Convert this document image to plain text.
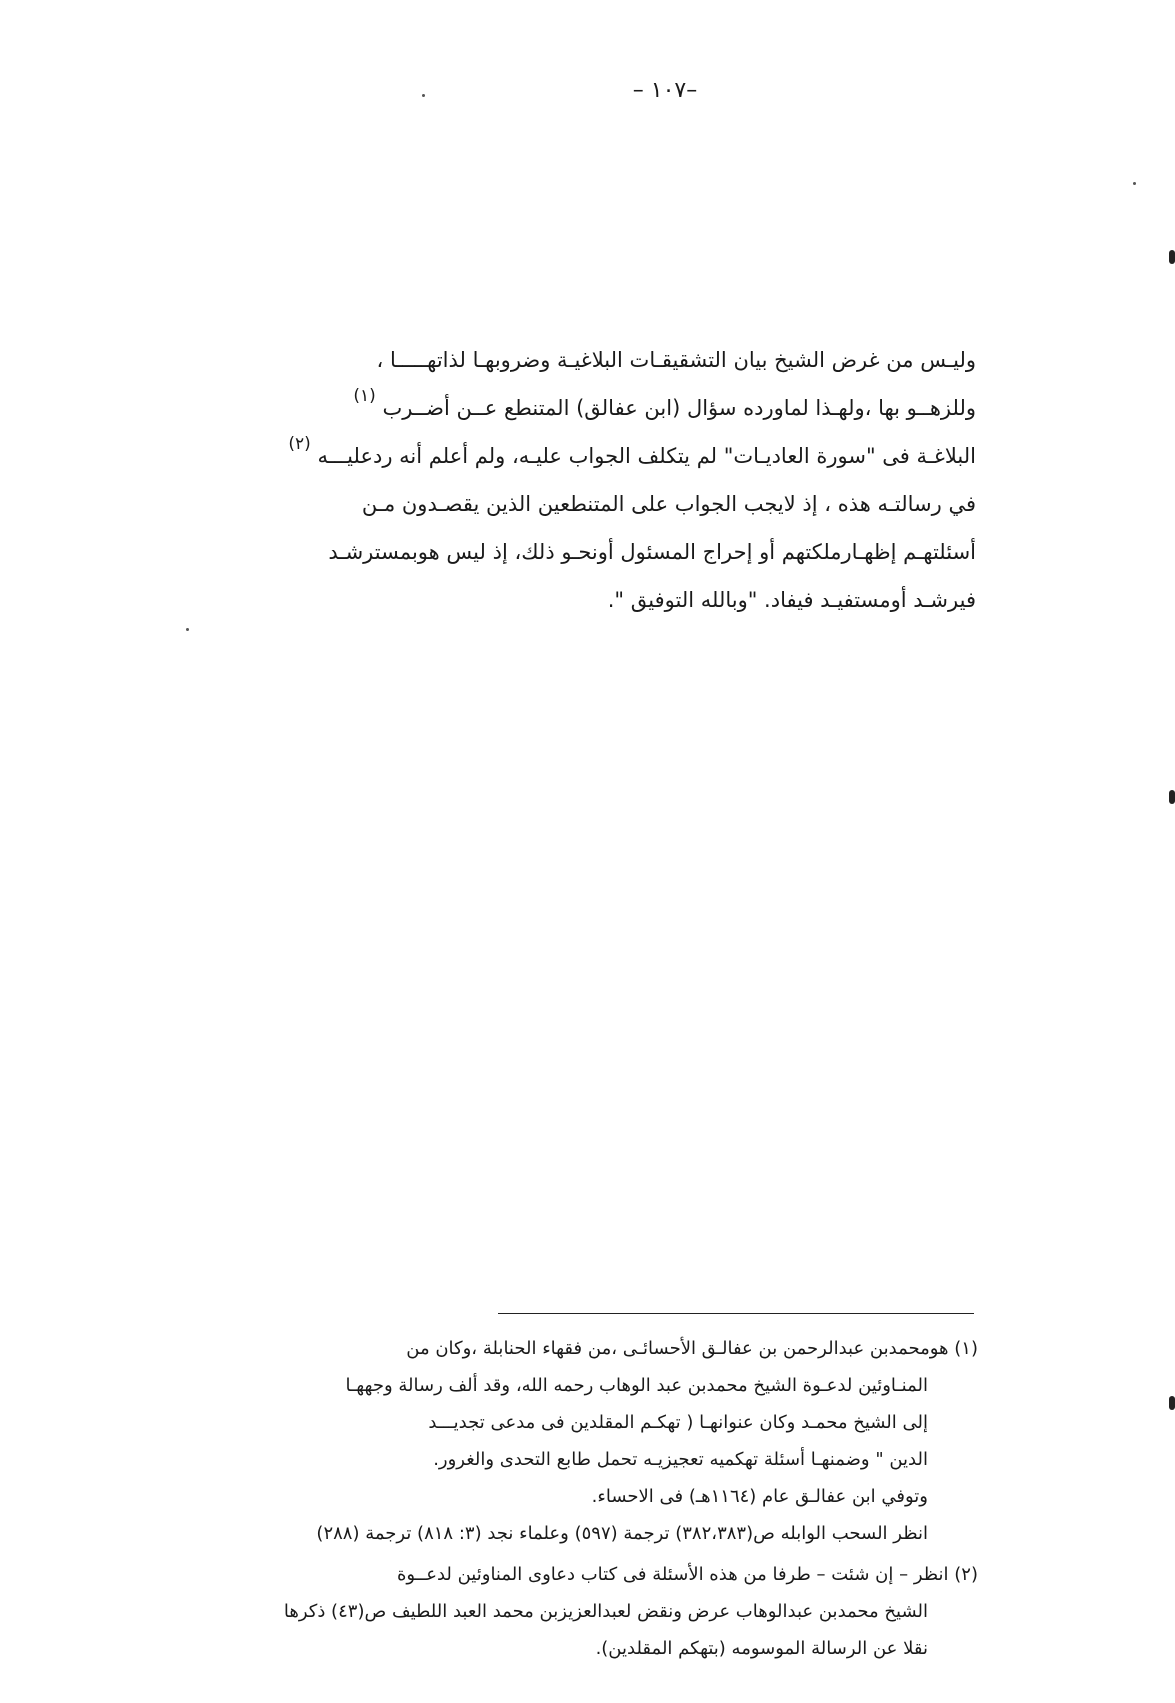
–١٠٧ –
وليـس من غرض الشيخ بيان التشقيقـات البلاغيـة وضروبهـا لذاتهـــــا ،
وللزهــو بها ،ولهـذا لماورده سؤال (ابن عفالق) المتنطع عــن أضــرب $^{(١)}$
البلاغـة فى "سورة العاديـات" لم يتكلف الجواب عليـه، ولم أعلم أنه ردعليـــه $^{(٢)}$
في رسالتـه هذه ، إذ لايجب الجواب على المتنطعين الذين يقصـدون مـن
أسئلتهـم إظهـارملكتهم أو إحراج المسئول أونحـو ذلك، إذ ليس هوبمسترشـد
فيرشـد أومستفيـد فيفاد. "وبالله التوفيق ".
(١) هومحمدبن عبدالرحمن بن عفالـق الأحسائـى ،من فقهاء الحنابلة ،وكان من
المنـاوئين لدعـوة الشيخ محمدبن عبد الوهاب رحمه الله، وقد ألف رسالة وجههـا
إلى الشيخ محمـد وكان عنوانهـا ( تهكـم المقلدين فى مدعى تجديـــد
الدين " وضمنهـا أسئلة تهكميه تعجيزيـه تحمل طابع التحدى والغرور.
وتوفي ابن عفالـق عام (١١٦٤هـ) فى الاحساء.
انظر السحب الوابله ص(٣٨٢،٣٨٣) ترجمة (٥٩٧) وعلماء نجد (٣: ٨١٨) ترجمة (٢٨٨)
(٢) انظر – إن شئت – طرفا من هذه الأسئلة فى كتاب دعاوى المناوئين لدعــوة
الشيخ محمدبن عبدالوهاب عرض ونقض لعبدالعزيزبن محمد العبد اللطيف ص(٤٣) ذكرها
نقلا عن الرسالة الموسومه (بتهكم المقلدين).
